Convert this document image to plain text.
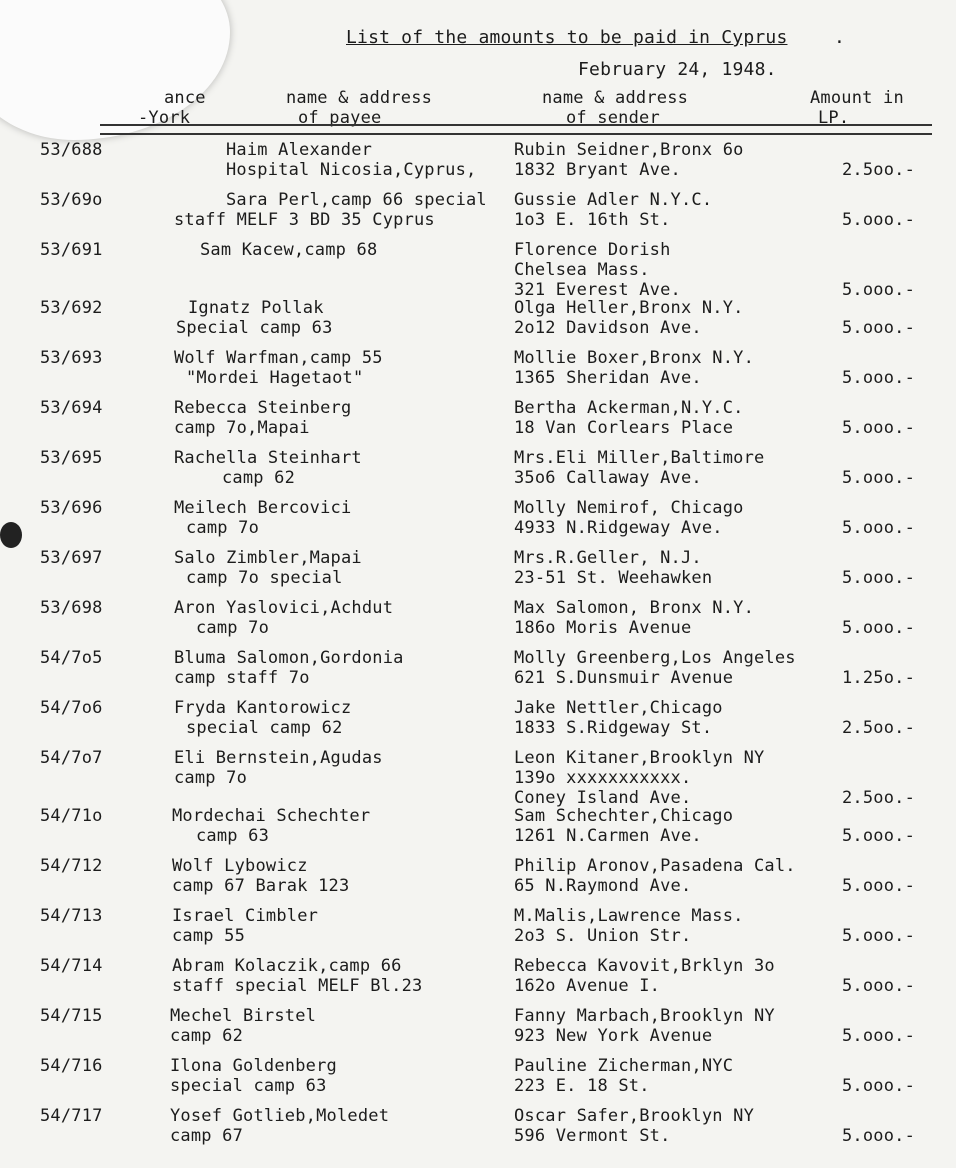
List of the amounts to be paid in Cyprus	.
February 24, 1948.
ance
-York
name & address
of payee
name & address
of sender
Amount in
LP.
53/688	Haim Alexander
Hospital Nicosia,Cyprus,
Rubin Seidner,Bronx 6o
1832 Bryant Ave.	2.5oo.-
53/69o	Sara Perl,camp 66 special
staff MELF 3 BD 35 Cyprus
Gussie Adler N.Y.C.
1o3 E. 16th St.	5.ooo.-
53/691	Sam Kacew,camp 68	Florence Dorish
Chelsea Mass.
321 Everest Ave.	5.ooo.-
53/692	Ignatz Pollak
Special camp 63
Olga Heller,Bronx N.Y.
2o12 Davidson Ave.	5.ooo.-
53/693	Wolf Warfman,camp 55
"Mordei Hagetaot"
Mollie Boxer,Bronx N.Y.
1365 Sheridan Ave.	5.ooo.-
53/694	Rebecca Steinberg
camp 7o,Mapai
Bertha Ackerman,N.Y.C.
18 Van Corlears Place	5.ooo.-
53/695	Rachella Steinhart
camp 62
Mrs.Eli Miller,Baltimore
35o6 Callaway Ave.	5.ooo.-
53/696	Meilech Bercovici
camp 7o
Molly Nemirof, Chicago
4933 N.Ridgeway Ave.	5.ooo.-
53/697	Salo Zimbler,Mapai
camp 7o special
Mrs.R.Geller, N.J.
23-51 St. Weehawken	5.ooo.-
53/698	Aron Yaslovici,Achdut
camp 7o
Max Salomon, Bronx N.Y.
186o Moris Avenue	5.ooo.-
54/7o5	Bluma Salomon,Gordonia
camp staff 7o
Molly Greenberg,Los Angeles
621 S.Dunsmuir Avenue	1.25o.-
54/7o6	Fryda Kantorowicz
special camp 62
Jake Nettler,Chicago
1833 S.Ridgeway St.	2.5oo.-
54/7o7	Eli Bernstein,Agudas
camp 7o
Leon Kitaner,Brooklyn NY
139o xxxxxxxxxxx.
Coney Island Ave.	2.5oo.-
54/71o	Mordechai Schechter
camp 63
Sam Schechter,Chicago
1261 N.Carmen Ave.	5.ooo.-
54/712	Wolf Lybowicz
camp 67 Barak 123
Philip Aronov,Pasadena Cal.
65 N.Raymond Ave.	5.ooo.-
54/713	Israel Cimbler
camp 55
M.Malis,Lawrence Mass.
2o3 S. Union Str.	5.ooo.-
54/714	Abram Kolaczik,camp 66
staff special MELF Bl.23
Rebecca Kavovit,Brklyn 3o
162o Avenue I.	5.ooo.-
54/715	Mechel Birstel
camp 62
Fanny Marbach,Brooklyn NY
923 New York Avenue	5.ooo.-
54/716	Ilona Goldenberg
special camp 63
Pauline Zicherman,NYC
223 E. 18 St.	5.ooo.-
54/717	Yosef Gotlieb,Moledet
camp 67
Oscar Safer,Brooklyn NY
596 Vermont St.	5.ooo.-
